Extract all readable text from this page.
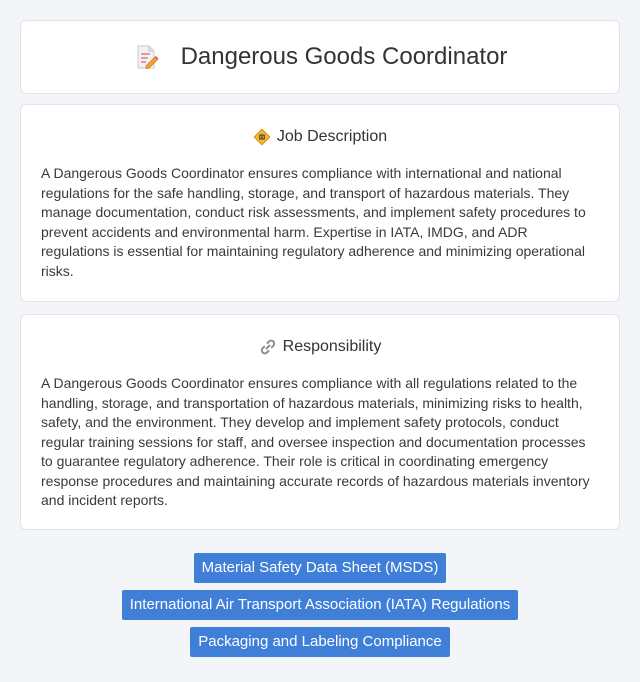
Dangerous Goods Coordinator
Job Description

A Dangerous Goods Coordinator ensures compliance with international and national regulations for the safe handling, storage, and transport of hazardous materials. They manage documentation, conduct risk assessments, and implement safety procedures to prevent accidents and environmental harm. Expertise in IATA, IMDG, and ADR regulations is essential for maintaining regulatory adherence and minimizing operational risks.

Responsibility

A Dangerous Goods Coordinator ensures compliance with all regulations related to the handling, storage, and transportation of hazardous materials, minimizing risks to health, safety, and the environment. They develop and implement safety protocols, conduct regular training sessions for staff, and oversee inspection and documentation processes to guarantee regulatory adherence. Their role is critical in coordinating emergency response procedures and maintaining accurate records of hazardous materials inventory and incident reports.

Material Safety Data Sheet (MSDS)
International Air Transport Association (IATA) Regulations
Packaging and Labeling Compliance
